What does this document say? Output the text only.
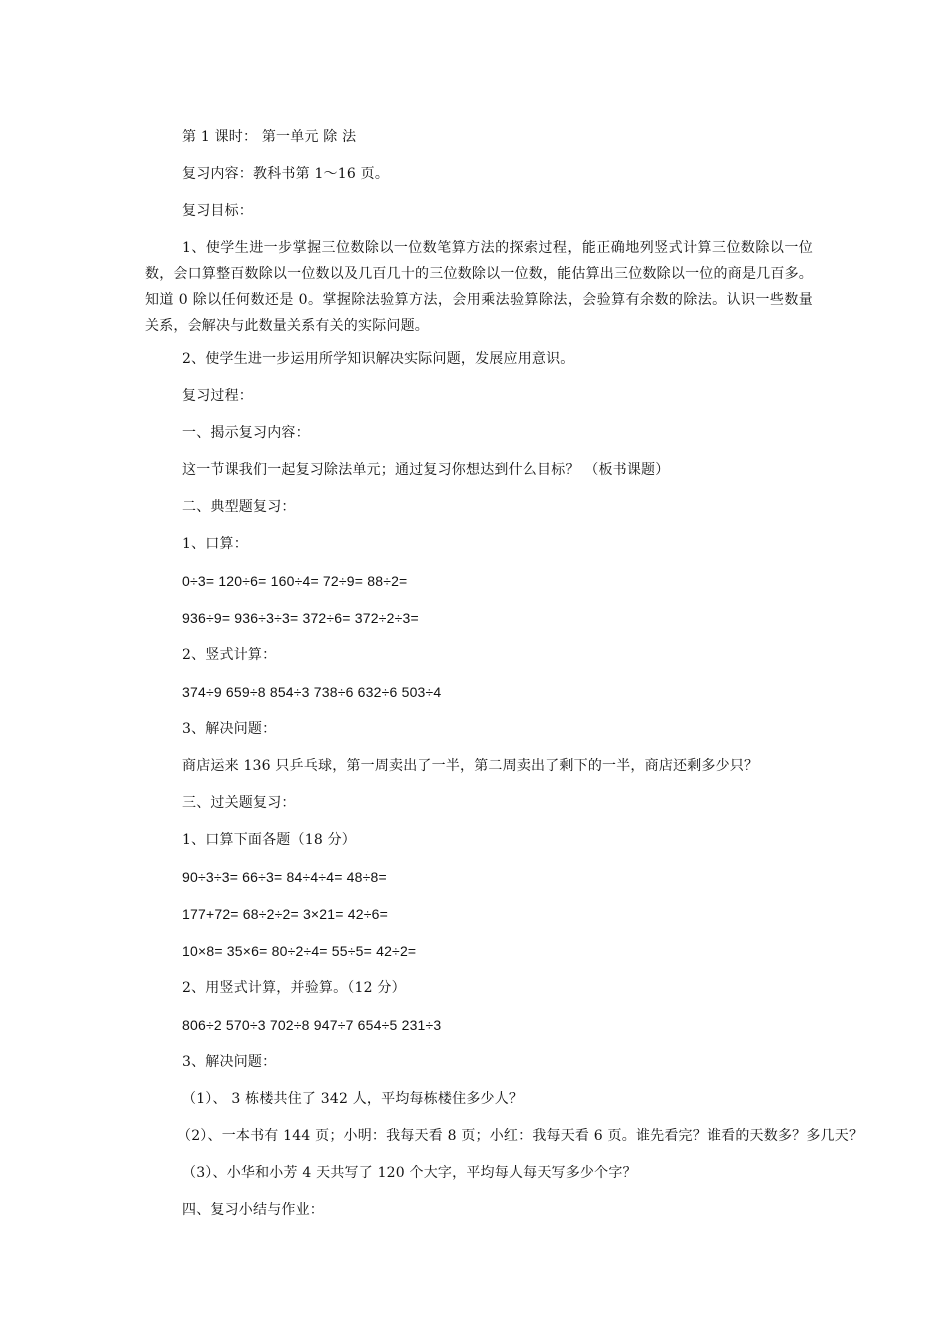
第 1 课时： 第一单元 除 法
复习内容：教科书第 1～16 页。
复习目标：
1、使学生进一步掌握三位数除以一位数笔算方法的探索过程，能正确地列竖式计算三位数除以一位数，会口算整百数除以一位数以及几百几十的三位数除以一位数，能估算出三位数除以一位的商是几百多。知道 0 除以任何数还是 0。掌握除法验算方法，会用乘法验算除法，会验算有余数的除法。认识一些数量关系，会解决与此数量关系有关的实际问题。
2、使学生进一步运用所学知识解决实际问题，发展应用意识。
复习过程：
一、揭示复习内容：
这一节课我们一起复习除法单元；通过复习你想达到什么目标？ （板书课题）
二、典型题复习：
1、口算：
0÷3= 120÷6= 160÷4= 72÷9= 88÷2=
936÷9= 936÷3÷3= 372÷6= 372÷2÷3=
2、竖式计算：
374÷9 659÷8 854÷3 738÷6 632÷6 503÷4
3、解决问题：
商店运来 136 只乒乓球，第一周卖出了一半，第二周卖出了剩下的一半，商店还剩多少只？
三、过关题复习：
1、口算下面各题（18 分）
90÷3÷3= 66÷3= 84÷4÷4= 48÷8=
177+72= 68÷2÷2= 3×21= 42÷6=
10×8= 35×6= 80÷2÷4= 55÷5= 42÷2=
2、用竖式计算，并验算。（12 分）
806÷2 570÷3 702÷8 947÷7 654÷5 231÷3
3、解决问题：
（1）、 3 栋楼共住了 342 人，平均每栋楼住多少人？
（2）、一本书有 144 页；小明：我每天看 8 页；小红：我每天看 6 页。谁先看完？谁看的天数多？多几天？
（3）、小华和小芳 4 天共写了 120 个大字，平均每人每天写多少个字？
四、复习小结与作业：
